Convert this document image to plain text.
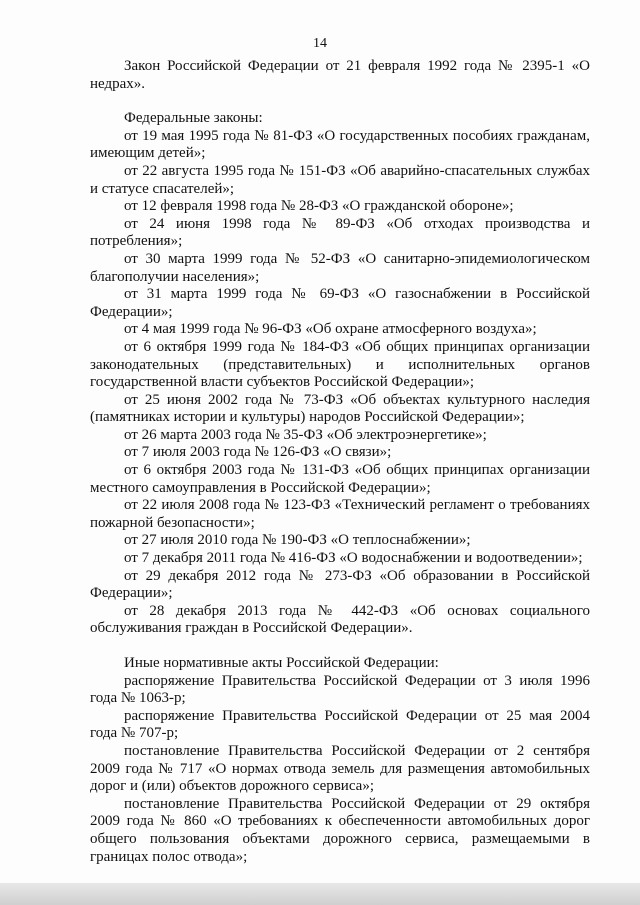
14

Закон Российской Федерации от 21 февраля 1992 года № 2395-1 «О недрах».

Федеральные законы:

от 19 мая 1995 года № 81-ФЗ «О государственных пособиях гражданам, имеющим детей»;

от 22 августа 1995 года № 151-ФЗ «Об аварийно-спасательных службах и статусе спасателей»;

от 12 февраля 1998 года № 28-ФЗ «О гражданской обороне»;

от 24 июня 1998 года № 89-ФЗ «Об отходах производства и потребления»;

от 30 марта 1999 года № 52-ФЗ «О санитарно-эпидемиологическом благополучии населения»;

от 31 марта 1999 года № 69-ФЗ «О газоснабжении в Российской Федерации»;

от 4 мая 1999 года № 96-ФЗ «Об охране атмосферного воздуха»;

от 6 октября 1999 года № 184-ФЗ «Об общих принципах организации законодательных (представительных) и исполнительных органов государственной власти субъектов Российской Федерации»;

от 25 июня 2002 года № 73-ФЗ «Об объектах культурного наследия (памятниках истории и культуры) народов Российской Федерации»;

от 26 марта 2003 года № 35-ФЗ «Об электроэнергетике»;

от 7 июля 2003 года № 126-ФЗ «О связи»;

от 6 октября 2003 года № 131-ФЗ «Об общих принципах организации местного самоуправления в Российской Федерации»;

от 22 июля 2008 года № 123-ФЗ «Технический регламент о требованиях пожарной безопасности»;

от 27 июля 2010 года № 190-ФЗ «О теплоснабжении»;

от 7 декабря 2011 года № 416-ФЗ «О водоснабжении и водоотведении»;

от 29 декабря 2012 года № 273-ФЗ «Об образовании в Российской Федерации»;

от 28 декабря 2013 года № 442-ФЗ «Об основах социального обслуживания граждан в Российской Федерации».

Иные нормативные акты Российской Федерации:

распоряжение Правительства Российской Федерации от 3 июля 1996 года № 1063-р;

распоряжение Правительства Российской Федерации от 25 мая 2004 года № 707-р;

постановление Правительства Российской Федерации от 2 сентября 2009 года № 717 «О нормах отвода земель для размещения автомобильных дорог и (или) объектов дорожного сервиса»;

постановление Правительства Российской Федерации от 29 октября 2009 года № 860 «О требованиях к обеспеченности автомобильных дорог общего пользования объектами дорожного сервиса, размещаемыми в границах полос отвода»;
